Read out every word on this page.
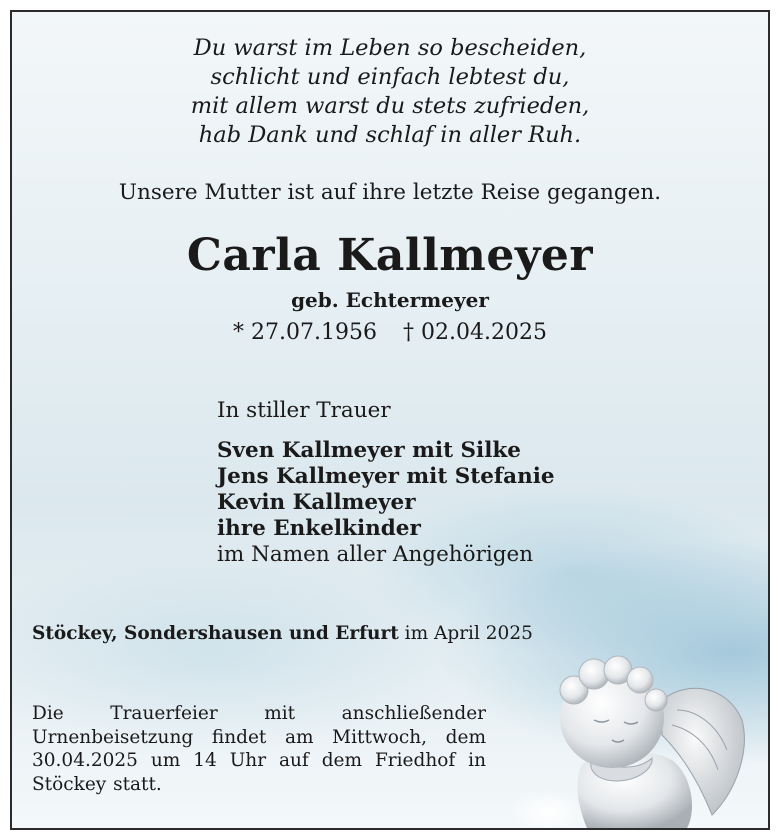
Du warst im Leben so bescheiden,
schlicht und einfach lebtest du,
mit allem warst du stets zufrieden,
hab Dank und schlaf in aller Ruh.
Unsere Mutter ist auf ihre letzte Reise gegangen.
Carla Kallmeyer
geb. Echtermeyer
* 27.07.1956 † 02.04.2025
In stiller Trauer
Sven Kallmeyer mit Silke
Jens Kallmeyer mit Stefanie
Kevin Kallmeyer
ihre Enkelkinder
im Namen aller Angehörigen
Stöckey, Sondershausen und Erfurt im April 2025
Die Trauerfeier mit anschließender Urnenbeisetzung findet am Mittwoch, dem 30.04.2025 um 14 Uhr auf dem Friedhof in Stöckey statt.
